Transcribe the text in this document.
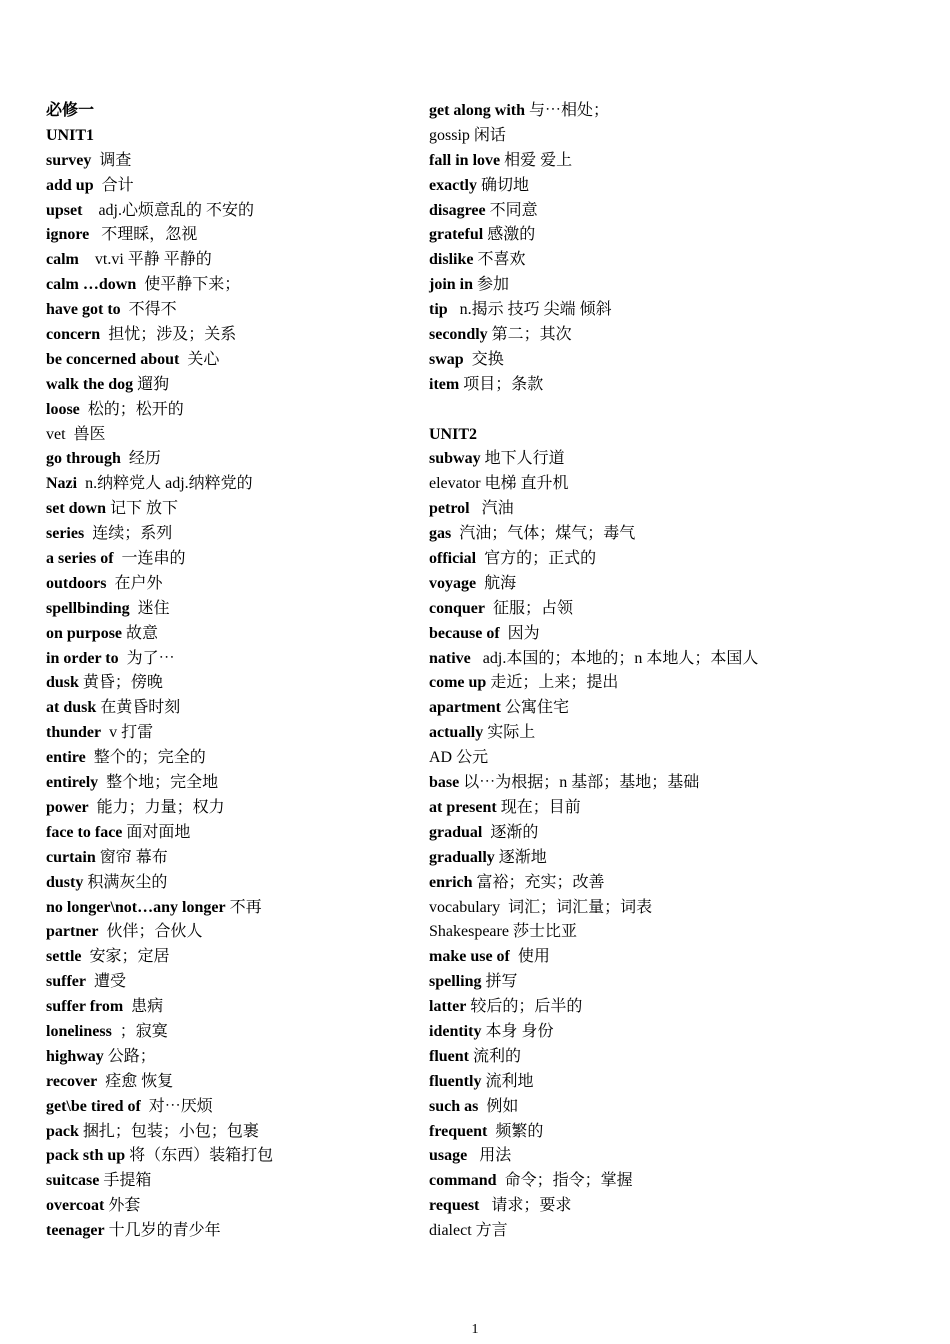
必修一
UNIT1
survey  调查
add up  合计
upset    adj.心烦意乱的 不安的
ignore   不理睬，忽视
calm    vt.vi 平静 平静的
calm …down  使平静下来；
have got to  不得不
concern  担忧；涉及；关系
be concerned about  关心
walk the dog 遛狗
loose  松的；松开的
vet  兽医
go through  经历
Nazi  n.纳粹党人 adj.纳粹党的
set down 记下 放下
series  连续；系列
a series of  一连串的
outdoors  在户外
spellbinding  迷住
on purpose 故意
in order to  为了⋯
dusk 黄昏；傍晚
at dusk 在黄昏时刻
thunder  v 打雷
entire  整个的；完全的
entirely  整个地；完全地
power  能力；力量；权力
face to face 面对面地
curtain 窗帘 幕布
dusty 积满灰尘的
no longer\not…any longer 不再
partner  伙伴；合伙人
settle  安家；定居
suffer  遭受
suffer from  患病
loneliness  ；寂寞
highway 公路；
recover  痊愈 恢复
get\be tired of  对⋯厌烦
pack 捆扎；包装；小包；包裹
pack sth up 将（东西）装箱打包
suitcase 手提箱
overcoat 外套
teenager 十几岁的青少年
get along with 与⋯相处；
gossip 闲话
fall in love 相爱 爱上
exactly 确切地
disagree 不同意
grateful 感激的
dislike 不喜欢
join in 参加
tip   n.揭示 技巧 尖端 倾斜
secondly 第二；其次
swap  交换
item 项目；条款
UNIT2
subway 地下人行道
elevator 电梯 直升机
petrol   汽油
gas  汽油；气体；煤气；毒气
official  官方的；正式的
voyage  航海
conquer  征服；占领
because of  因为
native   adj.本国的；本地的；n 本地人；本国人
come up 走近；上来；提出
apartment 公寓住宅
actually 实际上
AD 公元
base 以⋯为根据；n 基部；基地；基础
at present 现在；目前
gradual  逐渐的
gradually 逐渐地
enrich 富裕；充实；改善
vocabulary  词汇；词汇量；词表
Shakespeare 莎士比亚
make use of  使用
spelling 拼写
latter 较后的；后半的
identity 本身 身份
fluent 流利的
fluently 流利地
such as  例如
frequent  频繁的
usage   用法
command  命令；指令；掌握
request   请求；要求
dialect 方言
1
